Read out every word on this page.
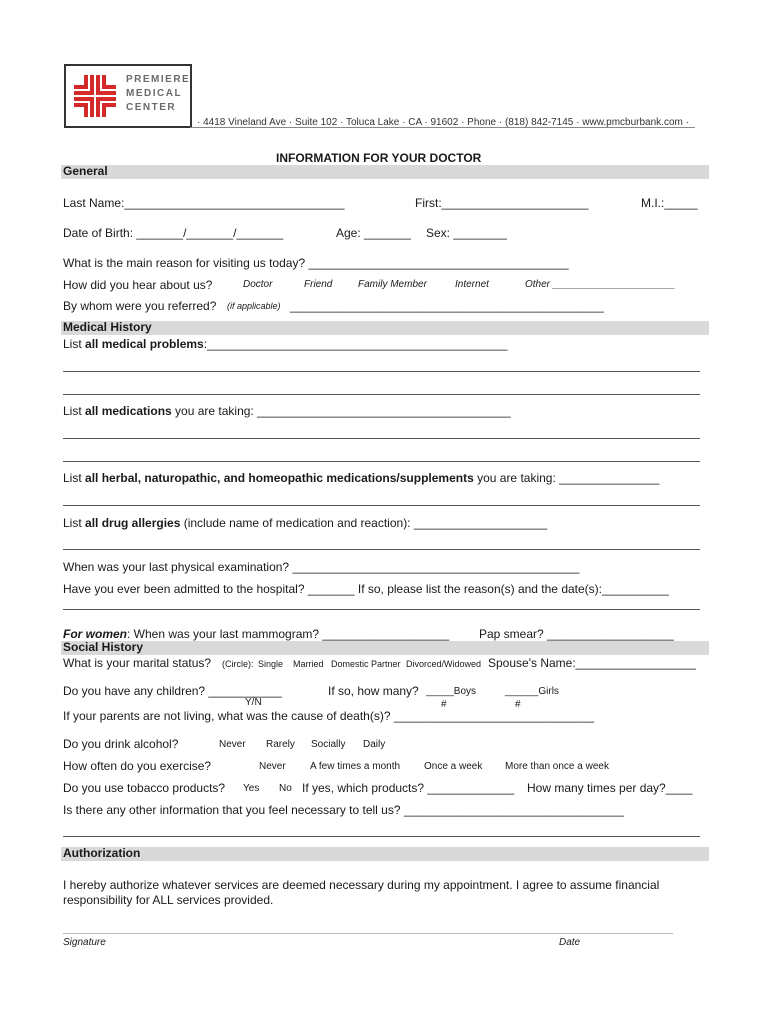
PREMIERE
MEDICAL
CENTER
· 4418 Vineland Ave · Suite 102 · Toluca Lake · CA · 91602 · Phone · (818) 842-7145 · www.pmcburbank.com ·
INFORMATION FOR YOUR DOCTOR
General
Last Name:_________________________________	First:______________________	M.I.:_____
Date of Birth: _______/_______/_______	Age: _______ Sex: ________
What is the main reason for visiting us today? _______________________________________
How did you hear about us?	Doctor	Friend	Family Member	Internet	Other ______________________
By whom were you referred? (if applicable) _______________________________________________
Medical History
List all medical problems:_____________________________________________
List all medications you are taking: ______________________________________
List all herbal, naturopathic, and homeopathic medications/supplements you are taking: _______________
List all drug allergies (include name of medication and reaction): ____________________
When was your last physical examination? ___________________________________________
Have you ever been admitted to the hospital? _______ If so, please list the reason(s) and the date(s):__________
For women: When was your last mammogram? ___________________ Pap smear? ___________________
Social History
What is your marital status? (Circle): Single Married Domestic Partner Divorced/Widowed Spouse's Name:__________________
Do you have any children? ___________
Y/N
If so, how many? _____Boys	______Girls
#	#
If your parents are not living, what was the cause of death(s)? ______________________________
Do you drink alcohol?	Never Rarely Socially Daily
How often do you exercise?	Never A few times a month Once a week More than once a week
Do you use tobacco products? Yes No If yes, which products? _____________ How many times per day?____
Is there any other information that you feel necessary to tell us? _________________________________
Authorization
I hereby authorize whatever services are deemed necessary during my appointment. I agree to assume financial
responsibility for ALL services provided.
Signature	Date
